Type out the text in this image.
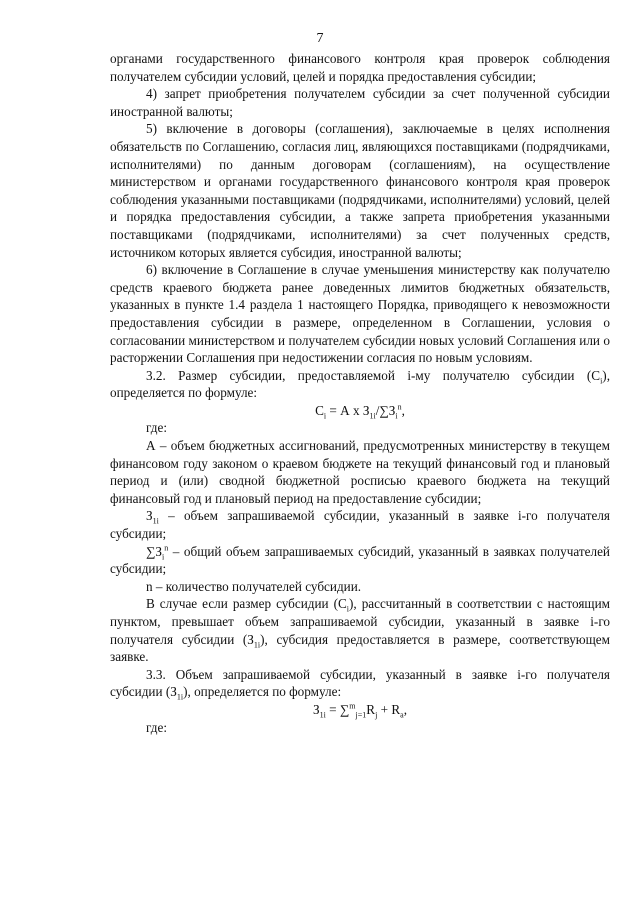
7

органами государственного финансового контроля края проверок соблюдения получателем субсидии условий, целей и порядка предоставления субсидии;

4) запрет приобретения получателем субсидии за счет полученной субсидии иностранной валюты;

5) включение в договоры (соглашения), заключаемые в целях исполнения обязательств по Соглашению, согласия лиц, являющихся поставщиками (подрядчиками, исполнителями) по данным договорам (соглашениям), на осуществление министерством и органами государственного финансового контроля края проверок соблюдения указанными поставщиками (подрядчиками, исполнителями) условий, целей и порядка предоставления субсидии, а также запрета приобретения указанными поставщиками (подрядчиками, исполнителями) за счет полученных средств, источником которых является субсидия, иностранной валюты;

6) включение в Соглашение в случае уменьшения министерству как получателю средств краевого бюджета ранее доведенных лимитов бюджетных обязательств, указанных в пункте 1.4 раздела 1 настоящего Порядка, приводящего к невозможности предоставления субсидии в размере, определенном в Соглашении, условия о согласовании министерством и получателем субсидии новых условий Соглашения или о расторжении Соглашения при недостижении согласия по новым условиям.

3.2. Размер субсидии, предоставляемой i-му получателю субсидии $(С_i)$, определяется по формуле:

$С_i = А$ х $З_{1i}/\sum З_i^n$,

где:

А – объем бюджетных ассигнований, предусмотренных министерству в текущем финансовом году законом о краевом бюджете на текущий финансовый год и плановый период и (или) сводной бюджетной росписью краевого бюджета на текущий финансовый год и плановый период на предоставление субсидии;

$З_{1i}$ – объем запрашиваемой субсидии, указанный в заявке i-го получателя субсидии;

$\sum З_i^n$ – общий объем запрашиваемых субсидий, указанный в заявках получателей субсидии;

n – количество получателей субсидии.

В случае если размер субсидии $(С_i)$, рассчитанный в соответствии с настоящим пунктом, превышает объем запрашиваемой субсидии, указанный в заявке i-го получателя субсидии $(З_{1i})$, субсидия предоставляется в размере, соответствующем заявке.

3.3. Объем запрашиваемой субсидии, указанный в заявке i-го получателя субсидии $(З_{1i})$, определяется по формуле:

$З_{1i} = \sum^m_{j=1}R_j + R_a$,

где:
